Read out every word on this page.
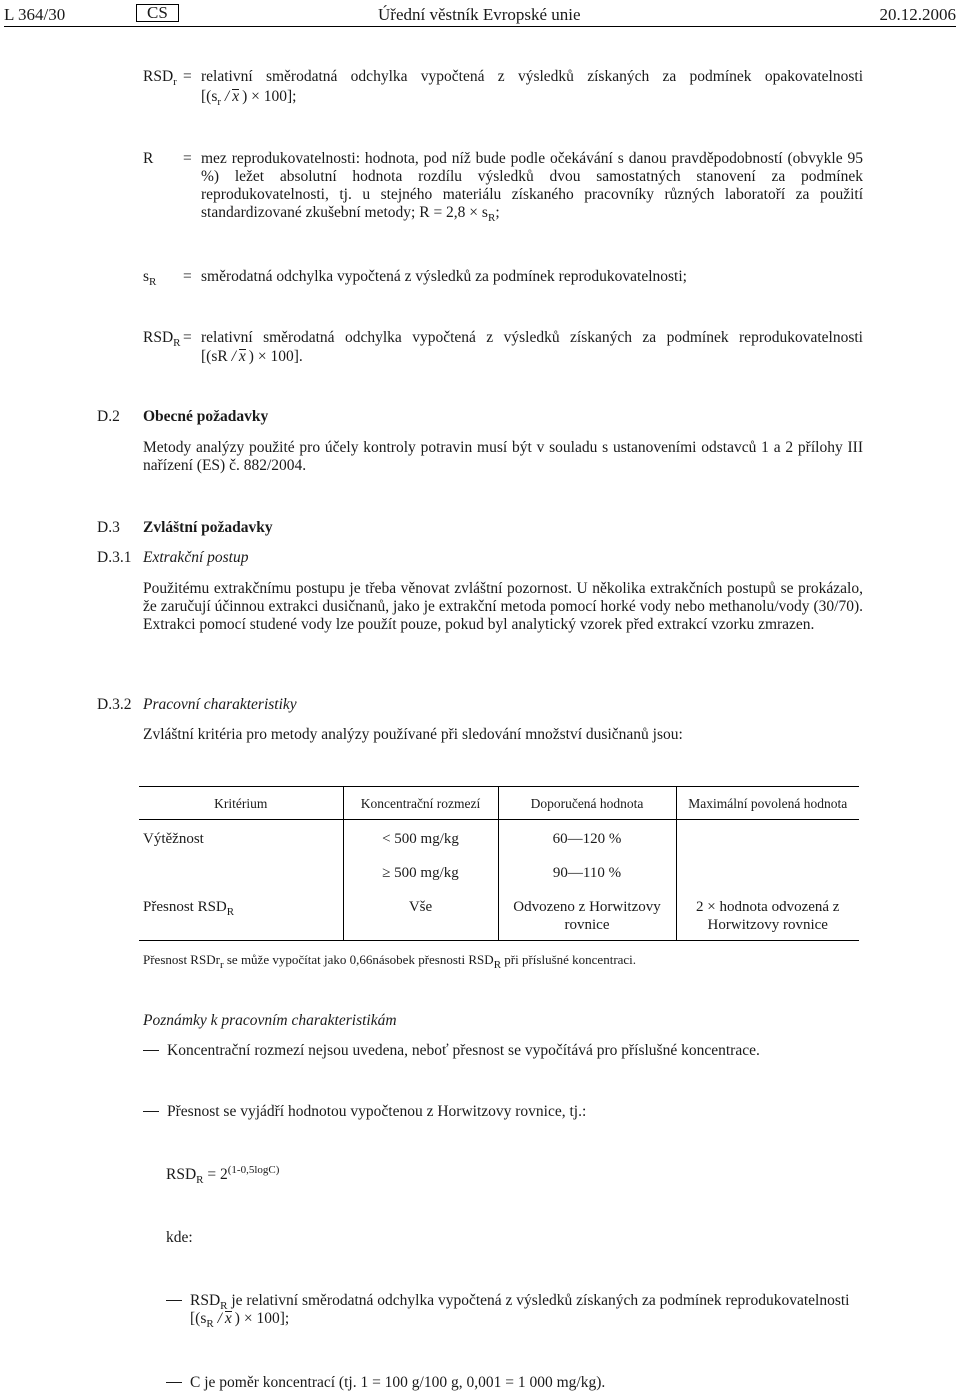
L 364/30	CS	Úřední věstník Evropské unie	20.12.2006
$RSD_r$ = relativní směrodatná odchylka vypočtená z výsledků získaných za podmínek opakovatelnosti
[($s_r$ / x ) × 100];
R = mez reprodukovatelnosti: hodnota, pod níž bude podle očekávání s danou pravděpodobností (obvykle 95 %) ležet absolutní hodnota rozdílu výsledků dvou samostatných stanovení za podmínek reprodukovatelnosti, tj. u stejného materiálu získaného pracovníky různých laboratoří za použití standardizované zkušební metody; $R = 2,8 \times s_R$;
$s_R$ = směrodatná odchylka vypočtená z výsledků za podmínek reprodukovatelnosti;
$RSD_R$ = relativní směrodatná odchylka vypočtená z výsledků získaných za podmínek reprodukovatelnosti
[(sR / x ) × 100].
D.2 Obecné požadavky
Metody analýzy použité pro účely kontroly potravin musí být v souladu s ustanoveními odstavců 1 a 2 přílohy III nařízení (ES) č. 882/2004.
D.3 Zvláštní požadavky
D.3.1 Extrakční postup
Použitému extrakčnímu postupu je třeba věnovat zvláštní pozornost. U několika extrakčních postupů se prokázalo, že zaručují účinnou extrakci dusičnanů, jako je extrakční metoda pomocí horké vody nebo methanolu/vody (30/70). Extrakci pomocí studené vody lze použít pouze, pokud byl analytický vzorek před extrakcí vzorku zmrazen.
D.3.2 Pracovní charakteristiky
Zvláštní kritéria pro metody analýzy používané při sledování množství dusičnanů jsou:
Kritérium	Koncentrační rozmezí	Doporučená hodnota	Maximální povolená hodnota
Výtěžnost	< 500 mg/kg	60—120 %	
	≥ 500 mg/kg	90—110 %	
Přesnost $RSD_R$	Vše	Odvozeno z Horwitzovy rovnice	2 × hodnota odvozená z Horwitzovy rovnice
Přesnost RSDr$_r$ se může vypočítat jako 0,66násobek přesnosti $RSD_R$ při příslušné koncentraci.			
Poznámky k pracovním charakteristikám
Koncentrační rozmezí nejsou uvedena, neboť přesnost se vypočítává pro příslušné koncentrace.
Přesnost se vyjádří hodnotou vypočtenou z Horwitzovy rovnice, tj.:
$RSD_R = 2^{(1-0,5logC)}$
kde:
$RSD_R$ je relativní směrodatná odchylka vypočtená z výsledků získaných za podmínek reprodukovatelnosti
[($s_R$ / x ) × 100];
C je poměr koncentrací (tj. 1 = 100 g/100 g, 0,001 = 1 000 mg/kg).
